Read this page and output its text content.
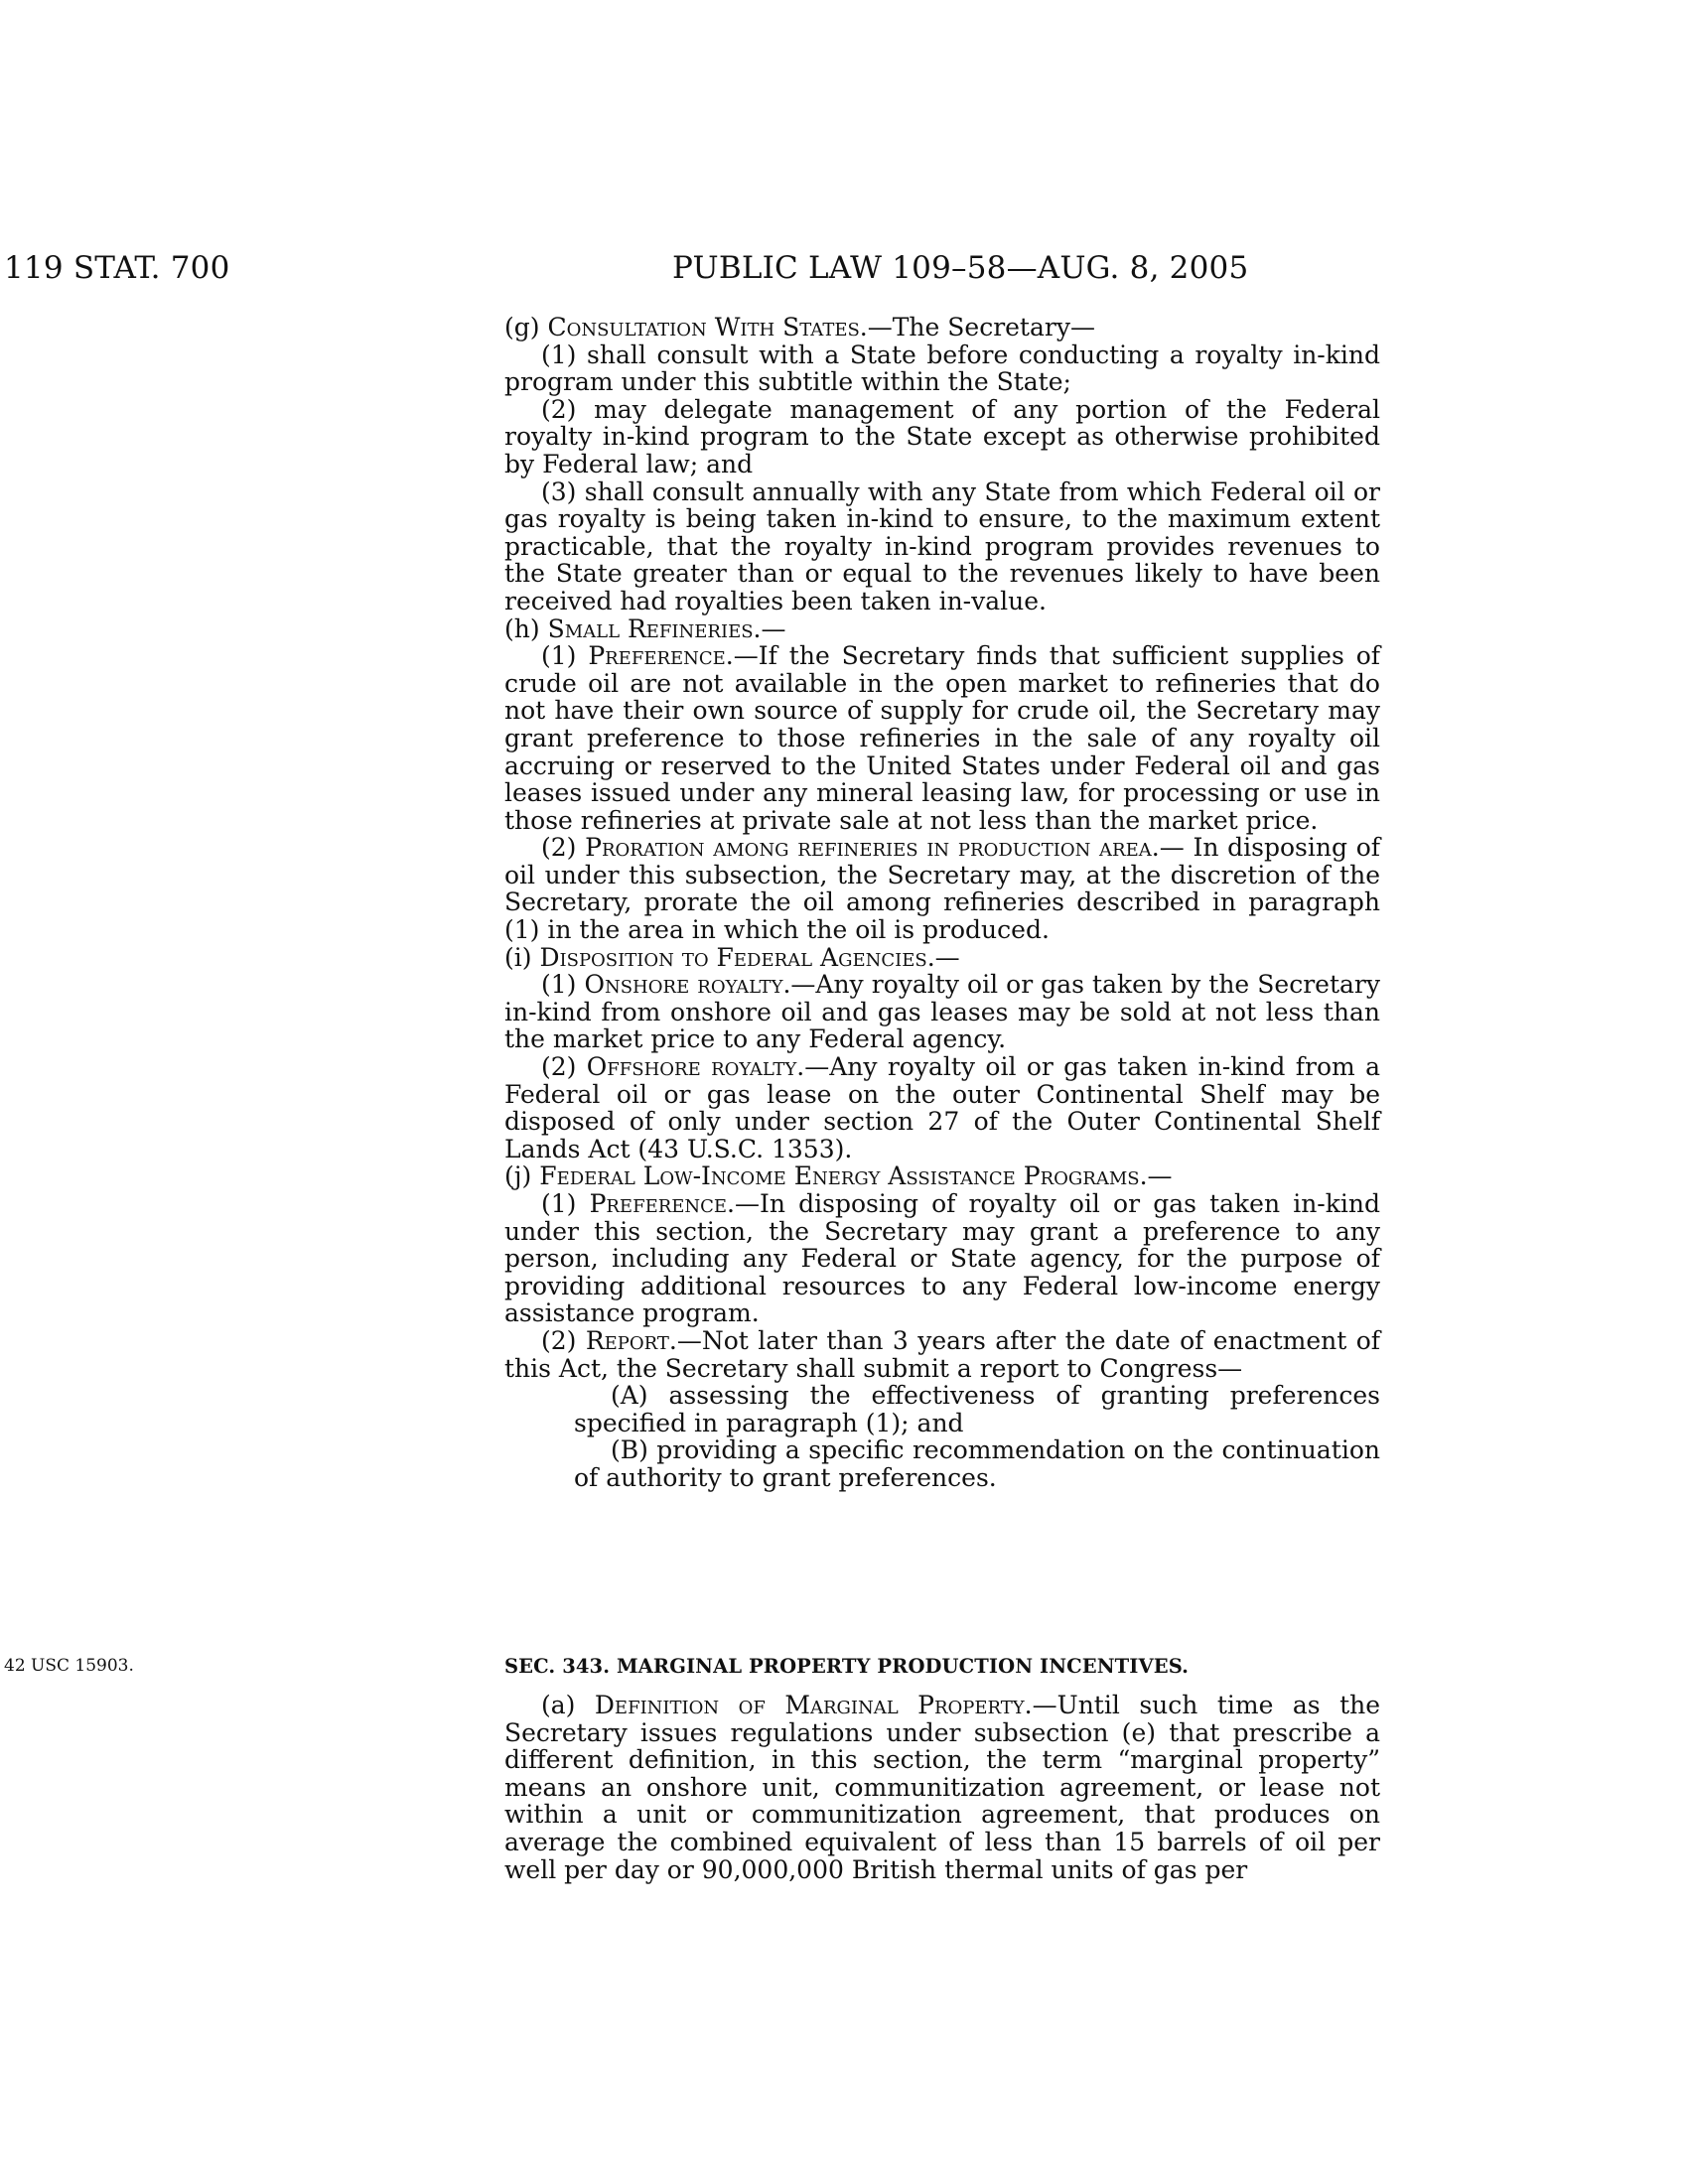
119 STAT. 700	PUBLIC LAW 109–58—AUG. 8, 2005

(g) Consultation With States.—The Secretary—

(1) shall consult with a State before conducting a royalty in-kind program under this subtitle within the State;

(2) may delegate management of any portion of the Federal royalty in-kind program to the State except as otherwise prohibited by Federal law; and

(3) shall consult annually with any State from which Federal oil or gas royalty is being taken in-kind to ensure, to the maximum extent practicable, that the royalty in-kind program provides revenues to the State greater than or equal to the revenues likely to have been received had royalties been taken in-value.

(h) Small Refineries.—

(1) Preference.—If the Secretary finds that sufficient supplies of crude oil are not available in the open market to refineries that do not have their own source of supply for crude oil, the Secretary may grant preference to those refineries in the sale of any royalty oil accruing or reserved to the United States under Federal oil and gas leases issued under any mineral leasing law, for processing or use in those refineries at private sale at not less than the market price.

(2) Proration among refineries in production area.— In disposing of oil under this subsection, the Secretary may, at the discretion of the Secretary, prorate the oil among refineries described in paragraph (1) in the area in which the oil is produced.

(i) Disposition to Federal Agencies.—

(1) Onshore royalty.—Any royalty oil or gas taken by the Secretary in-kind from onshore oil and gas leases may be sold at not less than the market price to any Federal agency.

(2) Offshore royalty.—Any royalty oil or gas taken in-kind from a Federal oil or gas lease on the outer Continental Shelf may be disposed of only under section 27 of the Outer Continental Shelf Lands Act (43 U.S.C. 1353).

(j) Federal Low-Income Energy Assistance Programs.—

(1) Preference.—In disposing of royalty oil or gas taken in-kind under this section, the Secretary may grant a preference to any person, including any Federal or State agency, for the purpose of providing additional resources to any Federal low-income energy assistance program.

(2) Report.—Not later than 3 years after the date of enactment of this Act, the Secretary shall submit a report to Congress—

(A) assessing the effectiveness of granting preferences specified in paragraph (1); and

(B) providing a specific recommendation on the continuation of authority to grant preferences.

42 USC 15903.	SEC. 343. MARGINAL PROPERTY PRODUCTION INCENTIVES.

(a) Definition of Marginal Property.—Until such time as the Secretary issues regulations under subsection (e) that prescribe a different definition, in this section, the term “marginal property” means an onshore unit, communitization agreement, or lease not within a unit or communitization agreement, that produces on average the combined equivalent of less than 15 barrels of oil per well per day or 90,000,000 British thermal units of gas per
